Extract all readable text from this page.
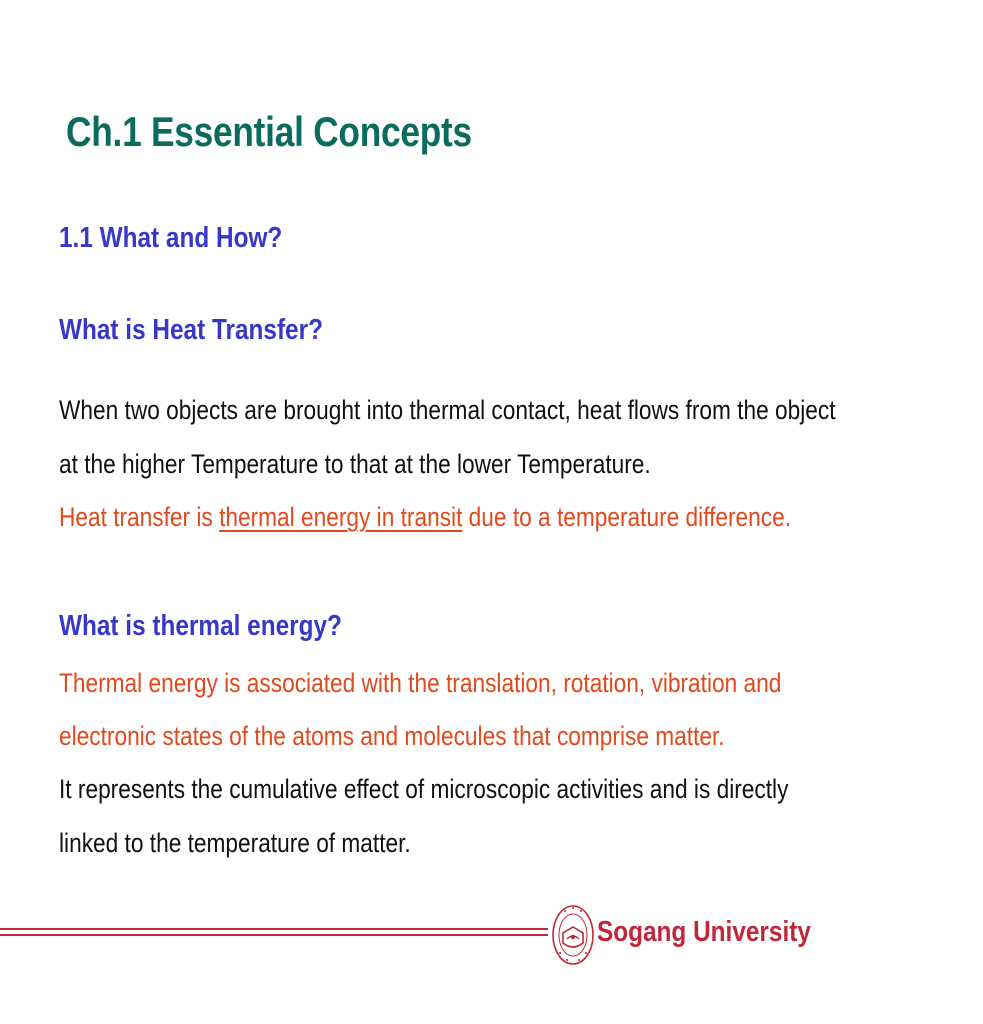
Ch.1 Essential Concepts
1.1 What and How?
What is Heat Transfer?
When two objects are brought into thermal contact, heat flows from the object
at the higher Temperature to that at the lower Temperature.
Heat transfer is thermal energy in transit due to a temperature difference.
What is thermal energy?
Thermal energy is associated with the translation, rotation, vibration and
electronic states of the atoms and molecules that comprise matter.
It represents the cumulative effect of microscopic activities and is directly
linked to the temperature of matter.
Sogang University
